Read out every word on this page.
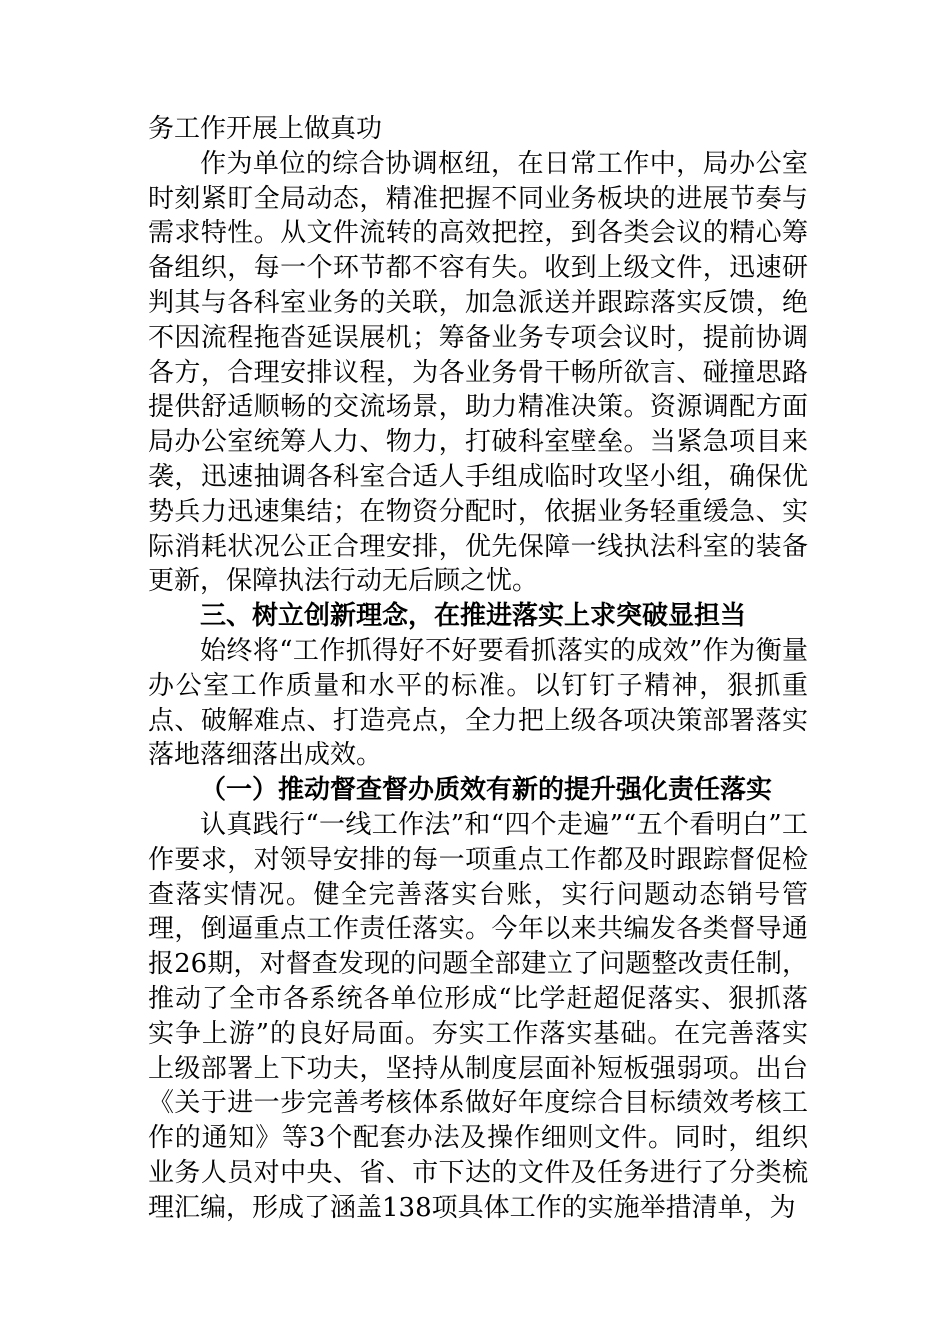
务工作开展上做真功

作为单位的综合协调枢纽，在日常工作中，局办公室时刻紧盯全局动态，精准把握不同业务板块的进展节奏与需求特性。从文件流转的高效把控，到各类会议的精心筹备组织，每一个环节都不容有失。收到上级文件，迅速研判其与各科室业务的关联，加急派送并跟踪落实反馈，绝不因流程拖沓延误展机；筹备业务专项会议时，提前协调各方，合理安排议程，为各业务骨干畅所欲言、碰撞思路提供舒适顺畅的交流场景，助力精准决策。资源调配方面局办公室统筹人力、物力，打破科室壁垒。当紧急项目来袭，迅速抽调各科室合适人手组成临时攻坚小组，确保优势兵力迅速集结；在物资分配时，依据业务轻重缓急、实际消耗状况公正合理安排，优先保障一线执法科室的装备更新，保障执法行动无后顾之忧。

三、树立创新理念，在推进落实上求突破显担当

始终将“工作抓得好不好要看抓落实的成效”作为衡量办公室工作质量和水平的标准。以钉钉子精神，狠抓重点、破解难点、打造亮点，全力把上级各项决策部署落实落地落细落出成效。

（一）推动督查督办质效有新的提升强化责任落实

认真践行“一线工作法”和“四个走遍”“五个看明白”工作要求，对领导安排的每一项重点工作都及时跟踪督促检查落实情况。健全完善落实台账，实行问题动态销号管理，倒逼重点工作责任落实。今年以来共编发各类督导通报26期，对督查发现的问题全部建立了问题整改责任制，推动了全市各系统各单位形成“比学赶超促落实、狠抓落实争上游”的良好局面。夯实工作落实基础。在完善落实上级部署上下功夫，坚持从制度层面补短板强弱项。出台《关于进一步完善考核体系做好年度综合目标绩效考核工作的通知》等3个配套办法及操作细则文件。同时，组织业务人员对中央、省、市下达的文件及任务进行了分类梳理汇编，形成了涵盖138项具体工作的实施举措清单，为
